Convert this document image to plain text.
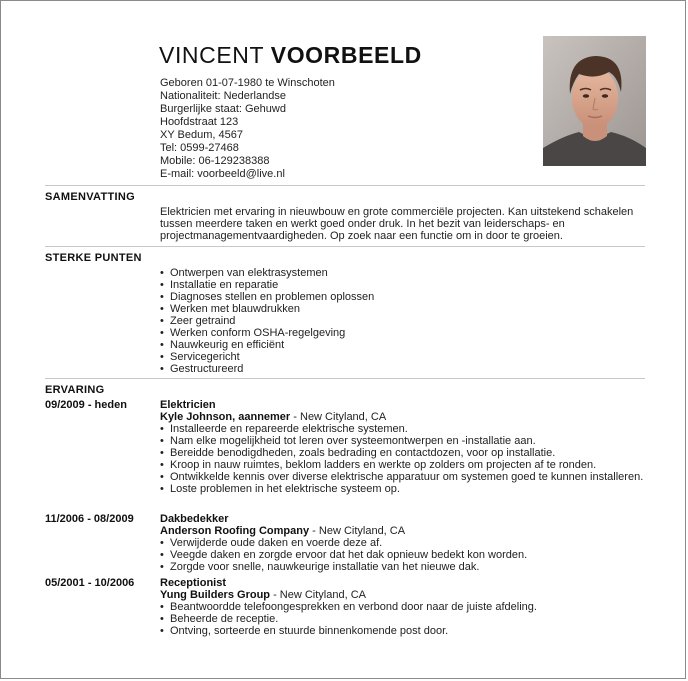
VINCENT VOORBEELD
Geboren 01-07-1980 te Winschoten
Nationaliteit: Nederlandse
Burgerlijke staat: Gehuwd
Hoofdstraat 123
XY Bedum, 4567
Tel: 0599-27468
Mobile: 06-129238388
E-mail: voorbeeld@live.nl
SAMENVATTING
Elektricien met ervaring in nieuwbouw en grote commerciële projecten. Kan uitstekend schakelen tussen meerdere taken en werkt goed onder druk. In het bezit van leiderschaps- en projectmanagementvaardigheden. Op zoek naar een functie om in door te groeien.
STERKE PUNTEN
• Ontwerpen van elektrasystemen
• Installatie en reparatie
• Diagnoses stellen en problemen oplossen
• Werken met blauwdrukken
• Zeer getraind
• Werken conform OSHA-regelgeving
• Nauwkeurig en efficiënt
• Servicegericht
• Gestructureerd
ERVARING
09/2009 - heden	Elektricien
Kyle Johnson, aannemer - New Cityland, CA
• Installeerde en repareerde elektrische systemen.
• Nam elke mogelijkheid tot leren over systeemontwerpen en -installatie aan.
• Bereidde benodigdheden, zoals bedrading en contactdozen, voor op installatie.
• Kroop in nauw ruimtes, beklom ladders en werkte op zolders om projecten af te ronden.
• Ontwikkelde kennis over diverse elektrische apparatuur om systemen goed te kunnen installeren.
• Loste problemen in het elektrische systeem op.
11/2006 - 08/2009 Dakbedekker
Anderson Roofing Company - New Cityland, CA
• Verwijderde oude daken en voerde deze af.
• Veegde daken en zorgde ervoor dat het dak opnieuw bedekt kon worden.
• Zorgde voor snelle, nauwkeurige installatie van het nieuwe dak.
05/2001 - 10/2006 Receptionist
Yung Builders Group - New Cityland, CA
• Beantwoordde telefoongesprekken en verbond door naar de juiste afdeling.
• Beheerde de receptie.
• Ontving, sorteerde en stuurde binnenkomende post door.
